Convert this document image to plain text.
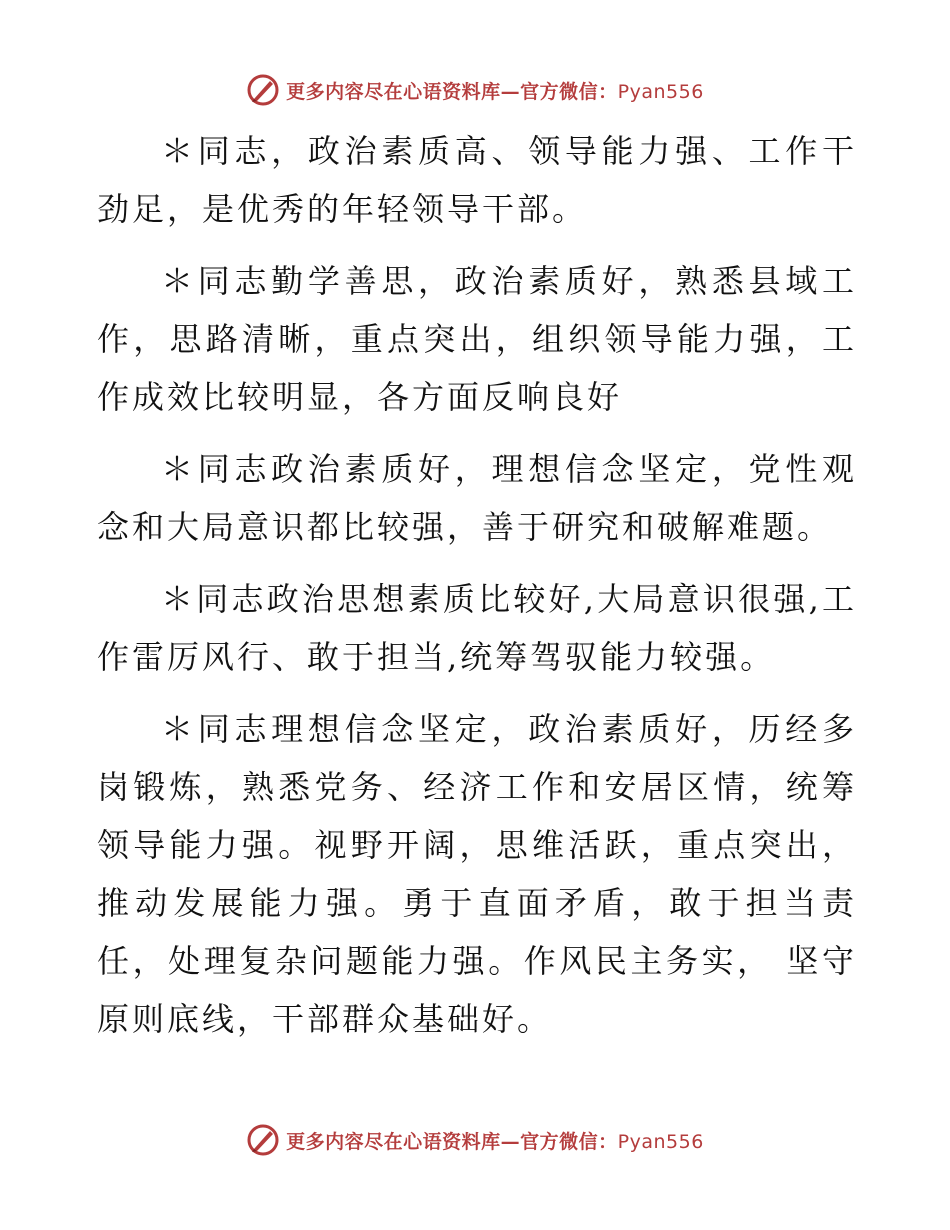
更多内容尽在心语资料库—官方微信：Pyan556

＊同志，政治素质高、领导能力强、工作干劲足，是优秀的年轻领导干部。

＊同志勤学善思，政治素质好，熟悉县域工作，思路清晰，重点突出，组织领导能力强，工作成效比较明显，各方面反响良好

＊同志政治素质好，理想信念坚定，党性观念和大局意识都比较强，善于研究和破解难题。

＊同志政治思想素质比较好,大局意识很强,工作雷厉风行、敢于担当,统筹驾驭能力较强。

＊同志理想信念坚定，政治素质好，历经多岗锻炼，熟悉党务、经济工作和安居区情，统筹领导能力强。视野开阔，思维活跃，重点突出，推动发展能力强。勇于直面矛盾，敢于担当责任，处理复杂问题能力强。作风民主务实， 坚守原则底线，干部群众基础好。

更多内容尽在心语资料库—官方微信：Pyan556
